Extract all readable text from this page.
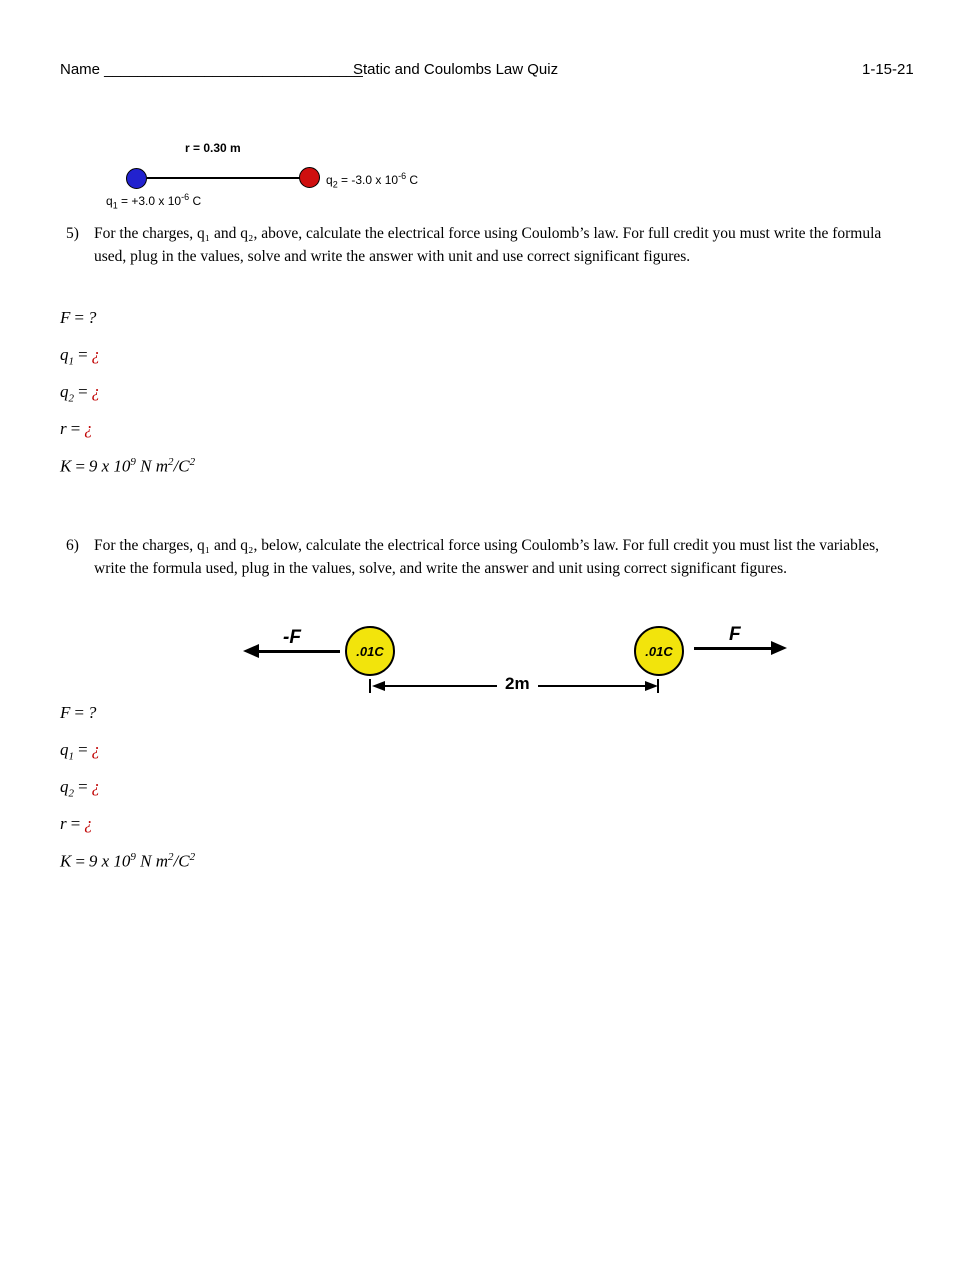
Name _______________________________
Static and Coulombs Law Quiz	1-15-21
r = 0.30 m
$q_2 = -3.0$ x $10^{-6}$ C
$q_1 = +3.0$ x $10^{-6}$ C
5) For the charges, q₁ and q₂, above, calculate the electrical force using Coulomb’s law. For full credit you must write the formula used, plug in the values, solve and write the answer with unit and use correct significant figures.
F = ?
$q_1$ = ¿
$q_2$ = ¿
r = ¿
K = 9 x $10^9$ N $m^2/C^2$
6) For the charges, q₁ and q₂, below, calculate the electrical force using Coulomb’s law. For full credit you must list the variables, write the formula used, plug in the values, solve, and write the answer and unit using correct significant figures.
-F
.01C	.01C
F
2m
F = ?
$q_1$ = ¿
$q_2$ = ¿
r = ¿
K = 9 x $10^9$ N $m^2/C^2$
